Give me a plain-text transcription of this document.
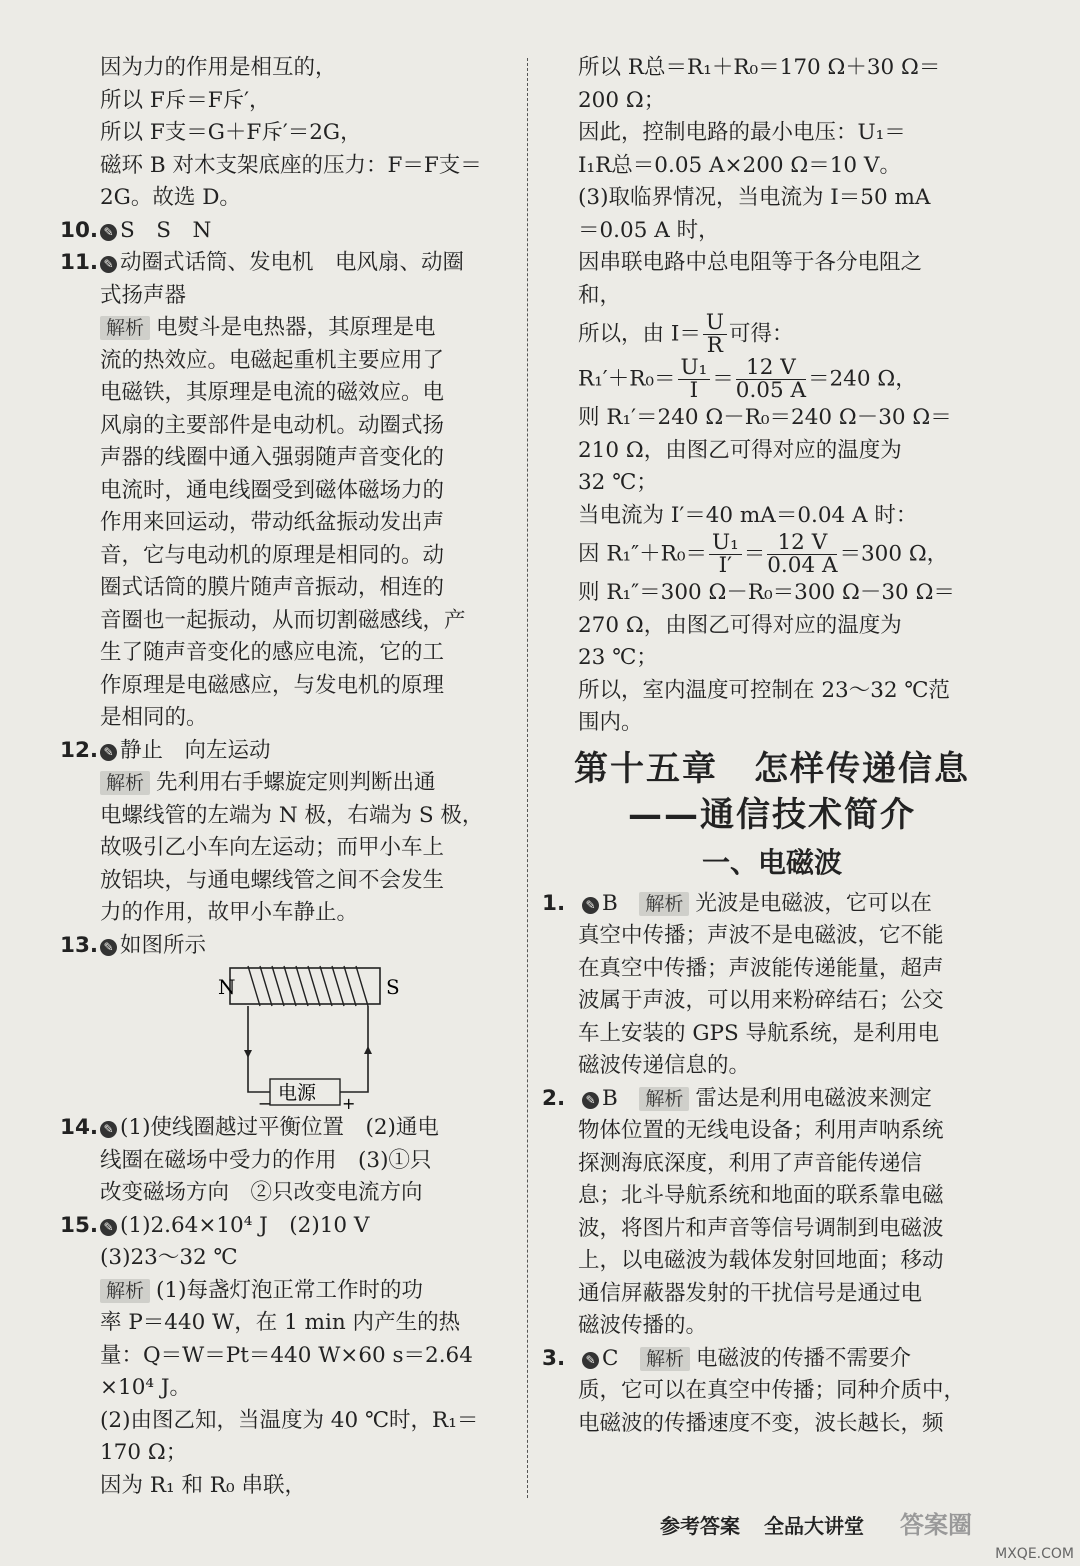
因为力的作用是相互的，
所以 F斥＝F斥′，
所以 F支＝G＋F斥′＝2G，
磁环 B 对木支架底座的压力：F＝F支＝
2G。故选 D。
10. ✎ S　S　N
11. ✎ 动圈式话筒、发电机　电风扇、动圈
式扬声器
解析 电熨斗是电热器，其原理是电
流的热效应。电磁起重机主要应用了
电磁铁，其原理是电流的磁效应。电
风扇的主要部件是电动机。动圈式扬
声器的线圈中通入强弱随声音变化的
电流时，通电线圈受到磁体磁场力的
作用来回运动，带动纸盆振动发出声
音，它与电动机的原理是相同的。动
圈式话筒的膜片随声音振动，相连的
音圈也一起振动，从而切割磁感线，产
生了随声音变化的感应电流，它的工
作原理是电磁感应，与发电机的原理
是相同的。
12. ✎ 静止　向左运动
解析 先利用右手螺旋定则判断出通
电螺线管的左端为 N 极，右端为 S 极，
故吸引乙小车向左运动；而甲小车上
放铝块，与通电螺线管之间不会发生
力的作用，故甲小车静止。
13. ✎ 如图所示
N	S
电源
−	+
14. ✎ (1)使线圈越过平衡位置　(2)通电
线圈在磁场中受力的作用　(3)①只
改变磁场方向　②只改变电流方向
15. ✎ (1)2.64×10⁴ J　(2)10 V
(3)23～32 ℃
解析 (1)每盏灯泡正常工作时的功
率 P＝440 W，在 1 min 内产生的热
量：Q＝W＝Pt＝440 W×60 s＝2.64
×10⁴ J。
(2)由图乙知，当温度为 40 ℃时，R₁＝
170 Ω；
因为 R₁ 和 R₀ 串联，
所以 R总＝R₁＋R₀＝170 Ω＋30 Ω＝
200 Ω；
因此，控制电路的最小电压：U₁＝
I₁R总＝0.05 A×200 Ω＝10 V。
(3)取临界情况，当电流为 I＝50 mA
＝0.05 A 时，
因串联电路中总电阻等于各分电阻之
和，
所以，由 $I= \frac{U}{R}$ 可得：
$R_1'+R_0= \frac{\text{U₁}}{I} = \frac{12 V}{0.05 A} =240$ Ω，
则 R₁′＝240 Ω－R₀＝240 Ω－30 Ω＝
210 Ω，由图乙可得对应的温度为
32 ℃；
当电流为 I′＝40 mA＝0.04 A 时：
因 $R_1''+R_0= \frac{\text{U₁}}{I'} = \frac{12 V}{0.04 A} =300$ Ω，
则 R₁″＝300 Ω－R₀＝300 Ω－30 Ω＝
270 Ω，由图乙可得对应的温度为
23 ℃；
所以，室内温度可控制在 23～32 ℃范
围内。
第十五章　怎样传递信息
——通信技术简介
一、电磁波
1.	✎ B　 解析 光波是电磁波，它可以在
真空中传播；声波不是电磁波，它不能
在真空中传播；声波能传递能量，超声
波属于声波，可以用来粉碎结石；公交
车上安装的 GPS 导航系统，是利用电
磁波传递信息的。
2.	✎ B　 解析 雷达是利用电磁波来测定
物体位置的无线电设备；利用声呐系统
探测海底深度，利用了声音能传递信
息；北斗导航系统和地面的联系靠电磁
波，将图片和声音等信号调制到电磁波
上，以电磁波为载体发射回地面；移动
通信屏蔽器发射的干扰信号是通过电
磁波传播的。
3.	✎ C　 解析 电磁波的传播不需要介
质，它可以在真空中传播；同种介质中，
电磁波的传播速度不变，波长越长，频
参考答案 全品大讲堂	答案圈
MXQE.COM
